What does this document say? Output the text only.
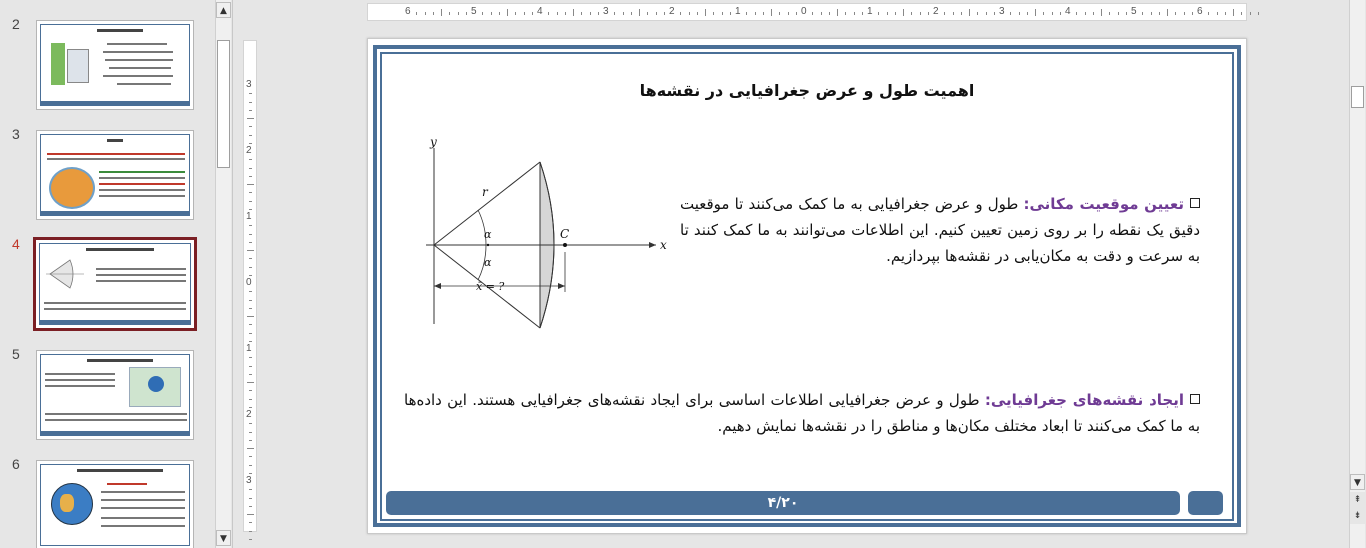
2
3
4
5
6
▲
▼
6	5	4	3	2	1	0	1	2	3	4	5	6
3
2
1
0
1
2
3
اهمیت طول و عرض جغرافیایی در نقشه‌ها
y
x
r
α
α
C
x̄ = ?
تعیین موقعیت مکانی: طول و عرض جغرافیایی به ما کمک می‌کنند تا موقعیت دقیق یک نقطه را بر روی زمین تعیین کنیم. این اطلاعات می‌توانند به ما کمک کنند تا به سرعت و دقت به مکان‌یابی در نقشه‌ها بپردازیم.
ایجاد نقشه‌های جغرافیایی: طول و عرض جغرافیایی اطلاعات اساسی برای ایجاد نقشه‌های جغرافیایی هستند. این داده‌ها به ما کمک می‌کنند تا ابعاد مختلف مکان‌ها و مناطق را در نقشه‌ها نمایش دهیم.
۴/۲۰
▼
⇞
⇟
